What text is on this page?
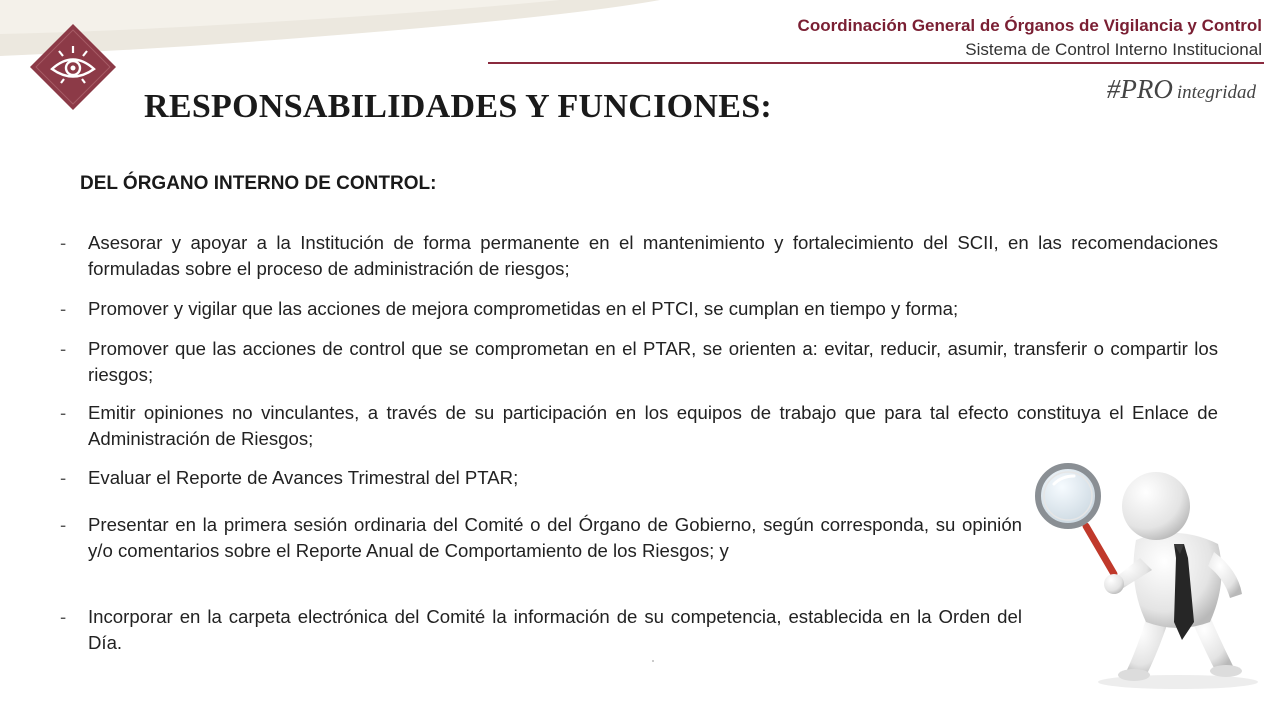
Coordinación General de Órganos de Vigilancia y Control
Sistema de Control Interno Institucional
#PRO integridad
RESPONSABILIDADES Y FUNCIONES:
DEL ÓRGANO INTERNO DE CONTROL:
-	Asesorar y apoyar a la Institución de forma permanente en el mantenimiento y fortalecimiento del SCII, en las recomendaciones formuladas sobre el proceso de administración de riesgos;
-	Promover y vigilar que las acciones de mejora comprometidas en el PTCI, se cumplan en tiempo y forma;
-	Promover que las acciones de control que se comprometan en el PTAR, se orienten a: evitar, reducir, asumir, transferir o compartir los riesgos;
-	Emitir opiniones no vinculantes, a través de su participación en los equipos de trabajo que para tal efecto constituya el Enlace de Administración de Riesgos;
-	Evaluar el Reporte de Avances Trimestral del PTAR;
-	Presentar en la primera sesión ordinaria del Comité o del Órgano de Gobierno, según corresponda, su opinión y/o comentarios sobre el Reporte Anual de Comportamiento de los Riesgos; y
-	Incorporar en la carpeta electrónica del Comité la información de su competencia, establecida en la Orden del Día.
